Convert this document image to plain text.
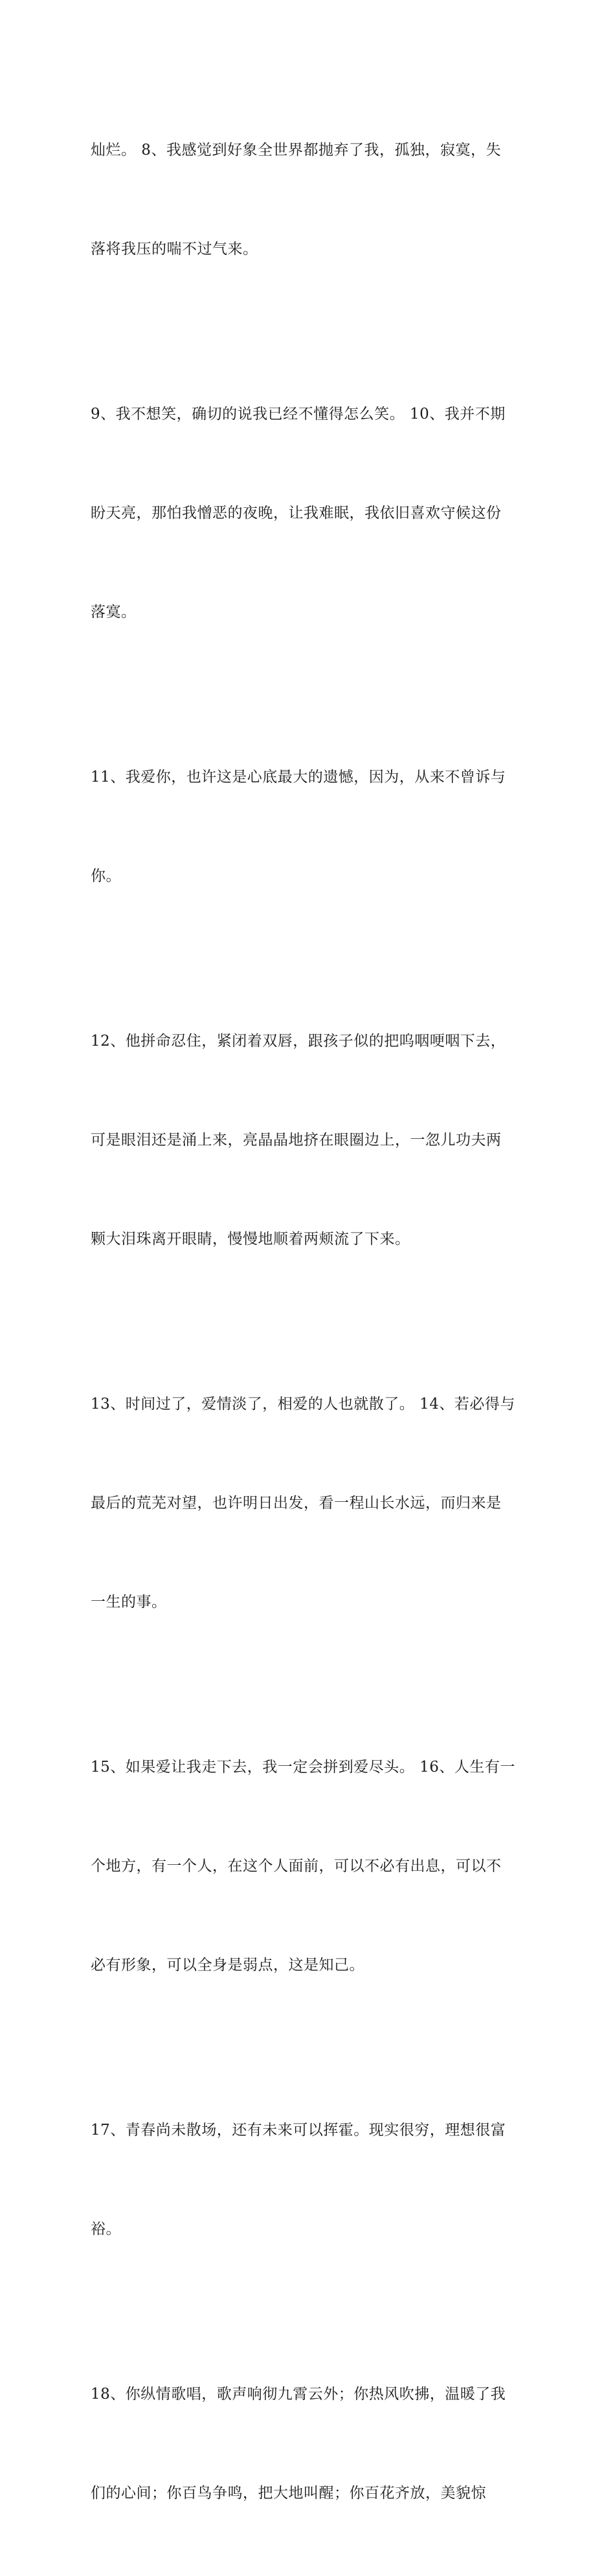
灿烂。 8、我感觉到好象全世界都抛弃了我，孤独，寂寞，失

落将我压的喘不过气来。

9、我不想笑，确切的说我已经不懂得怎么笑。 10、我并不期

盼天亮，那怕我憎恶的夜晚，让我难眠，我依旧喜欢守候这份

落寞。

11、我爱你，也许这是心底最大的遗憾，因为，从来不曾诉与

你。

12、他拼命忍住，紧闭着双唇，跟孩子似的把呜咽哽咽下去，

可是眼泪还是涌上来，亮晶晶地挤在眼圈边上，一忽儿功夫两

颗大泪珠离开眼睛，慢慢地顺着两颊流了下来。

13、时间过了，爱情淡了，相爱的人也就散了。 14、若必得与

最后的荒芜对望，也许明日出发，看一程山长水远，而归来是

一生的事。

15、如果爱让我走下去，我一定会拼到爱尽头。 16、人生有一

个地方，有一个人，在这个人面前，可以不必有出息，可以不

必有形象，可以全身是弱点，这是知己。

17、青春尚未散场，还有未来可以挥霍。现实很穷，理想很富

裕。

18、你纵情歌唱，歌声响彻九霄云外；你热风吹拂，温暖了我

们的心间；你百鸟争鸣，把大地叫醒；你百花齐放，美貌惊
